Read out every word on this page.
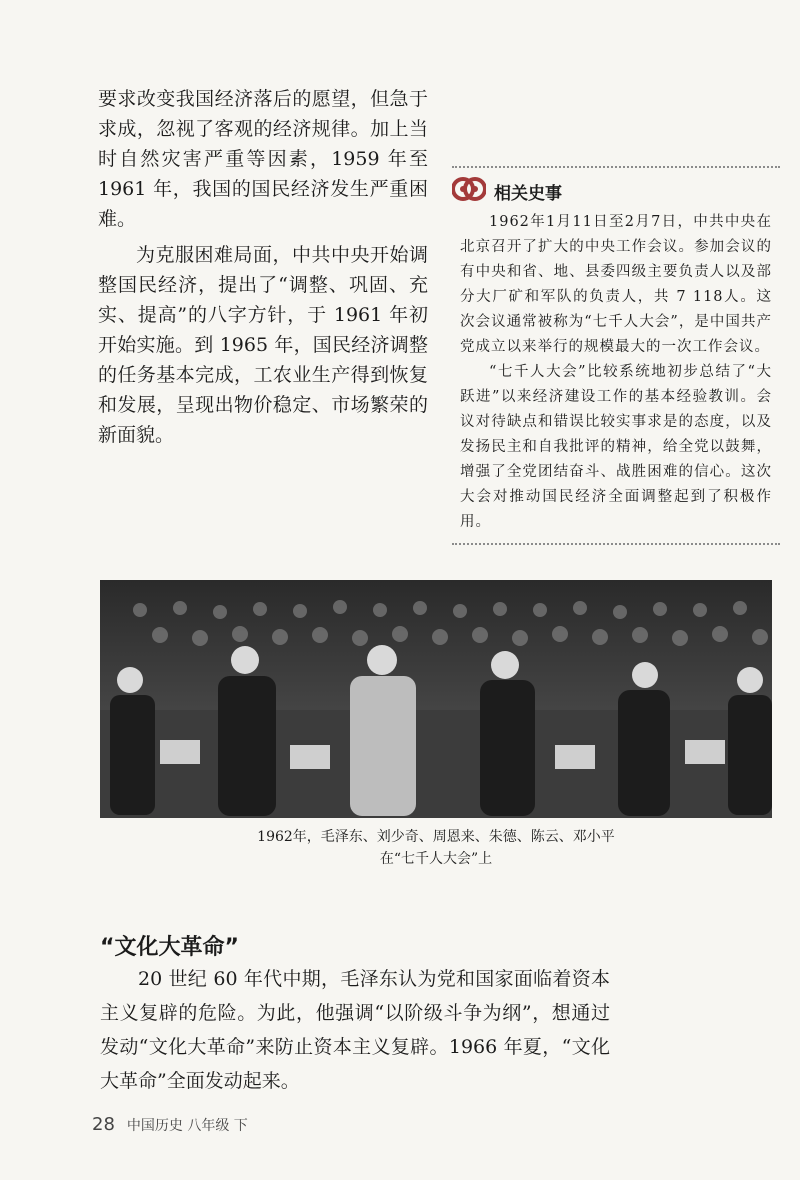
要求改变我国经济落后的愿望，但急于求成，忽视了客观的经济规律。加上当时自然灾害严重等因素，1959 年至 1961 年，我国的国民经济发生严重困难。

为克服困难局面，中共中央开始调整国民经济，提出了“调整、巩固、充实、提高”的八字方针，于 1961 年初开始实施。到 1965 年，国民经济调整的任务基本完成，工农业生产得到恢复和发展，呈现出物价稳定、市场繁荣的新面貌。

相关史事

1962年1月11日至2月7日，中共中央在北京召开了扩大的中央工作会议。参加会议的有中央和省、地、县委四级主要负责人以及部分大厂矿和军队的负责人，共 7 118人。这次会议通常被称为“七千人大会”，是中国共产党成立以来举行的规模最大的一次工作会议。

“七千人大会”比较系统地初步总结了“大跃进”以来经济建设工作的基本经验教训。会议对待缺点和错误比较实事求是的态度，以及发扬民主和自我批评的精神，给全党以鼓舞，增强了全党团结奋斗、战胜困难的信心。这次大会对推动国民经济全面调整起到了积极作用。

1962年，毛泽东、刘少奇、周恩来、朱德、陈云、邓小平
在“七千人大会”上
“文化大革命”

20 世纪 60 年代中期，毛泽东认为党和国家面临着资本主义复辟的危险。为此，他强调“以阶级斗争为纲”，想通过发动“文化大革命”来防止资本主义复辟。1966 年夏，“文化大革命”全面发动起来。

28 中国历史 八年级 下
